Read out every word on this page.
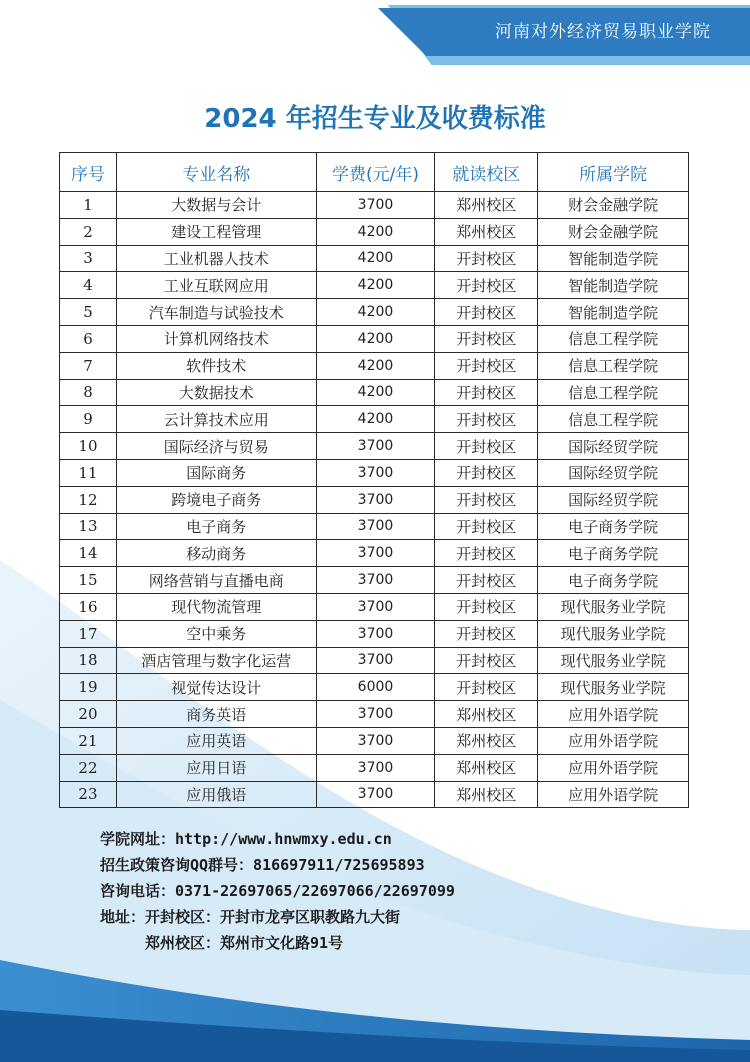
河南对外经济贸易职业学院
2024 年招生专业及收费标准
序号	专业名称	学费(元/年)	就读校区	所属学院
1	大数据与会计	3700	郑州校区	财会金融学院
2	建设工程管理	4200	郑州校区	财会金融学院
3	工业机器人技术	4200	开封校区	智能制造学院
4	工业互联网应用	4200	开封校区	智能制造学院
5	汽车制造与试验技术	4200	开封校区	智能制造学院
6	计算机网络技术	4200	开封校区	信息工程学院
7	软件技术	4200	开封校区	信息工程学院
8	大数据技术	4200	开封校区	信息工程学院
9	云计算技术应用	4200	开封校区	信息工程学院
10	国际经济与贸易	3700	开封校区	国际经贸学院
11	国际商务	3700	开封校区	国际经贸学院
12	跨境电子商务	3700	开封校区	国际经贸学院
13	电子商务	3700	开封校区	电子商务学院
14	移动商务	3700	开封校区	电子商务学院
15	网络营销与直播电商	3700	开封校区	电子商务学院
16	现代物流管理	3700	开封校区	现代服务业学院
17	空中乘务	3700	开封校区	现代服务业学院
18	酒店管理与数字化运营	3700	开封校区	现代服务业学院
19	视觉传达设计	6000	开封校区	现代服务业学院
20	商务英语	3700	郑州校区	应用外语学院
21	应用英语	3700	郑州校区	应用外语学院
22	应用日语	3700	郑州校区	应用外语学院
23	应用俄语	3700	郑州校区	应用外语学院
学院网址：http://www.hnwmxy.edu.cn
招生政策咨询QQ群号：816697911/725695893
咨询电话：0371-22697065/22697066/22697099
地址：开封校区：开封市龙亭区职教路九大街
郑州校区：郑州市文化路91号
